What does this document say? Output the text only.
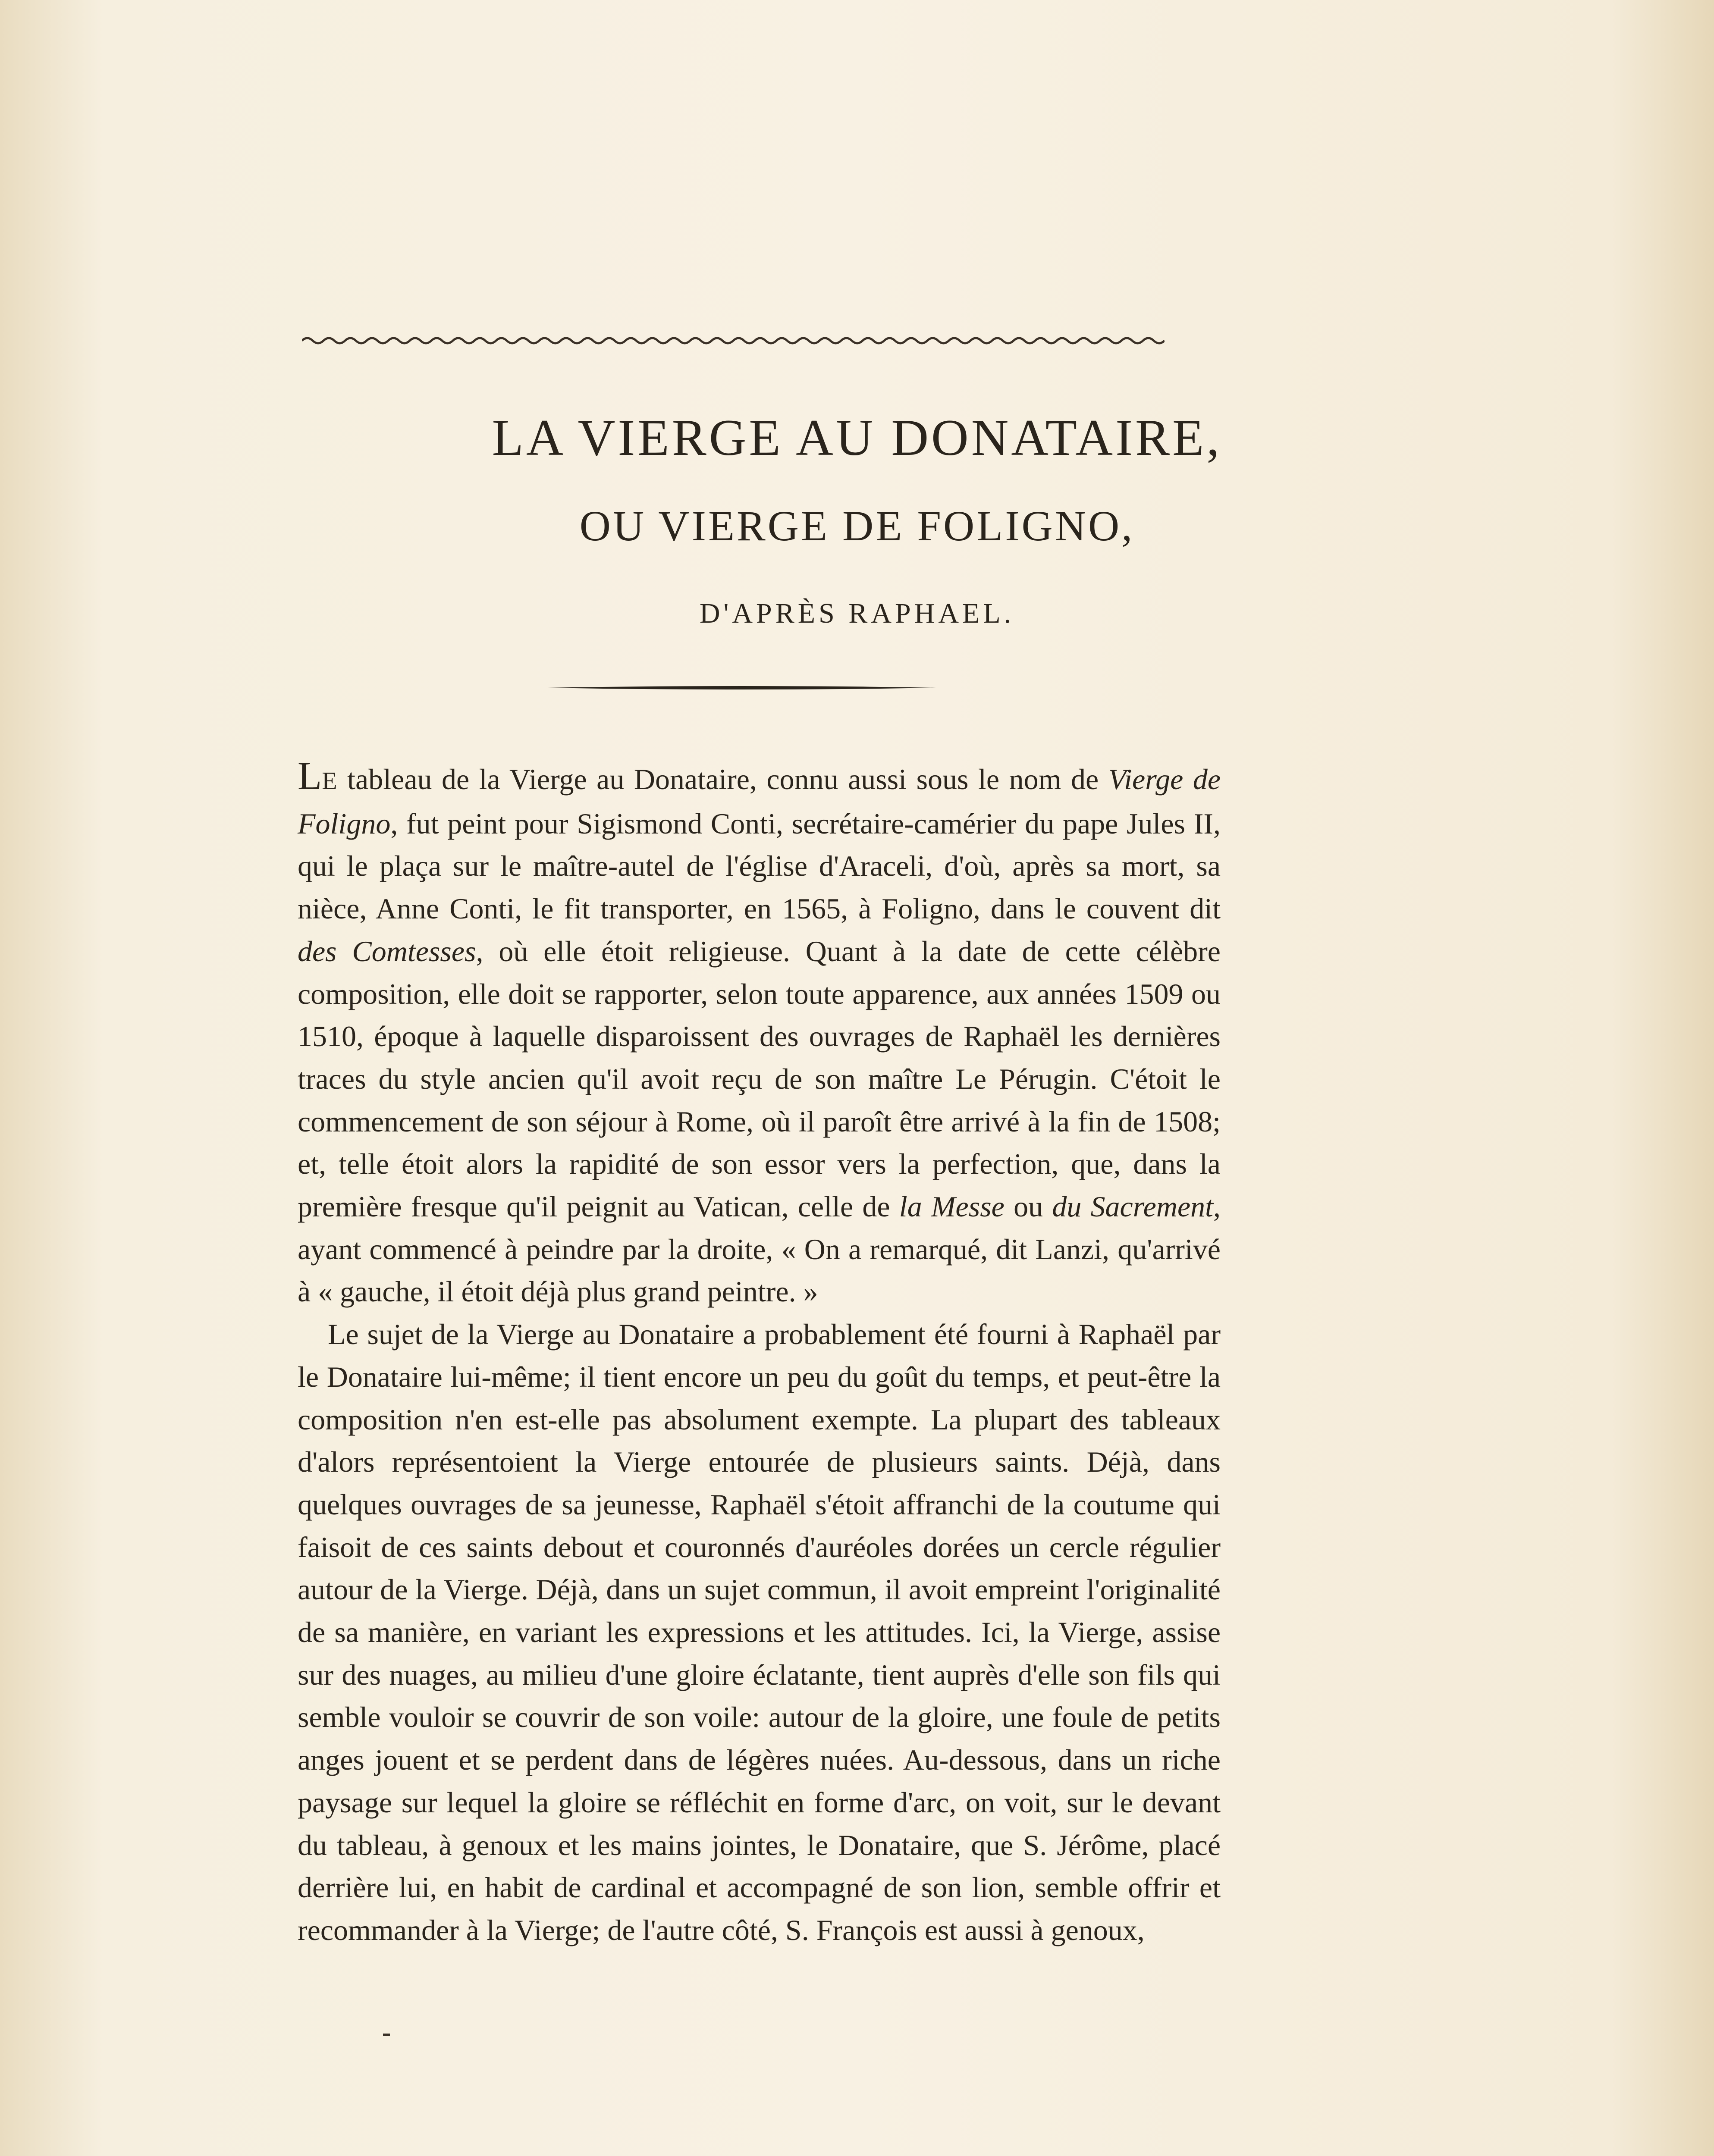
LA VIERGE AU DONATAIRE,
OU VIERGE DE FOLIGNO,
D'APRÈS RAPHAEL.

LE tableau de la Vierge au Donataire, connu aussi sous le nom de Vierge de Foligno, fut peint pour Sigismond Conti, secrétaire-camérier du pape Jules II, qui le plaça sur le maître-autel de l'église d'Araceli, d'où, après sa mort, sa nièce, Anne Conti, le fit transporter, en 1565, à Foligno, dans le couvent dit des Comtesses, où elle étoit religieuse. Quant à la date de cette célèbre composition, elle doit se rapporter, selon toute apparence, aux années 1509 ou 1510, époque à laquelle disparoissent des ouvrages de Raphaël les dernières traces du style ancien qu'il avoit reçu de son maître Le Pérugin. C'étoit le commencement de son séjour à Rome, où il paroît être arrivé à la fin de 1508; et, telle étoit alors la rapidité de son essor vers la perfection, que, dans la première fresque qu'il peignit au Vatican, celle de la Messe ou du Sacrement, ayant commencé à peindre par la droite, « On a remarqué, dit Lanzi, qu'arrivé à « gauche, il étoit déjà plus grand peintre. »

Le sujet de la Vierge au Donataire a probablement été fourni à Raphaël par le Donataire lui-même; il tient encore un peu du goût du temps, et peut-être la composition n'en est-elle pas absolument exempte. La plupart des tableaux d'alors représentoient la Vierge entourée de plusieurs saints. Déjà, dans quelques ouvrages de sa jeunesse, Raphaël s'étoit affranchi de la coutume qui faisoit de ces saints debout et couronnés d'auréoles dorées un cercle régulier autour de la Vierge. Déjà, dans un sujet commun, il avoit empreint l'originalité de sa manière, en variant les expressions et les attitudes. Ici, la Vierge, assise sur des nuages, au milieu d'une gloire éclatante, tient auprès d'elle son fils qui semble vouloir se couvrir de son voile: autour de la gloire, une foule de petits anges jouent et se perdent dans de légères nuées. Au-dessous, dans un riche paysage sur lequel la gloire se réfléchit en forme d'arc, on voit, sur le devant du tableau, à genoux et les mains jointes, le Donataire, que S. Jérôme, placé derrière lui, en habit de cardinal et accompagné de son lion, semble offrir et recommander à la Vierge; de l'autre côté, S. François est aussi à genoux,
